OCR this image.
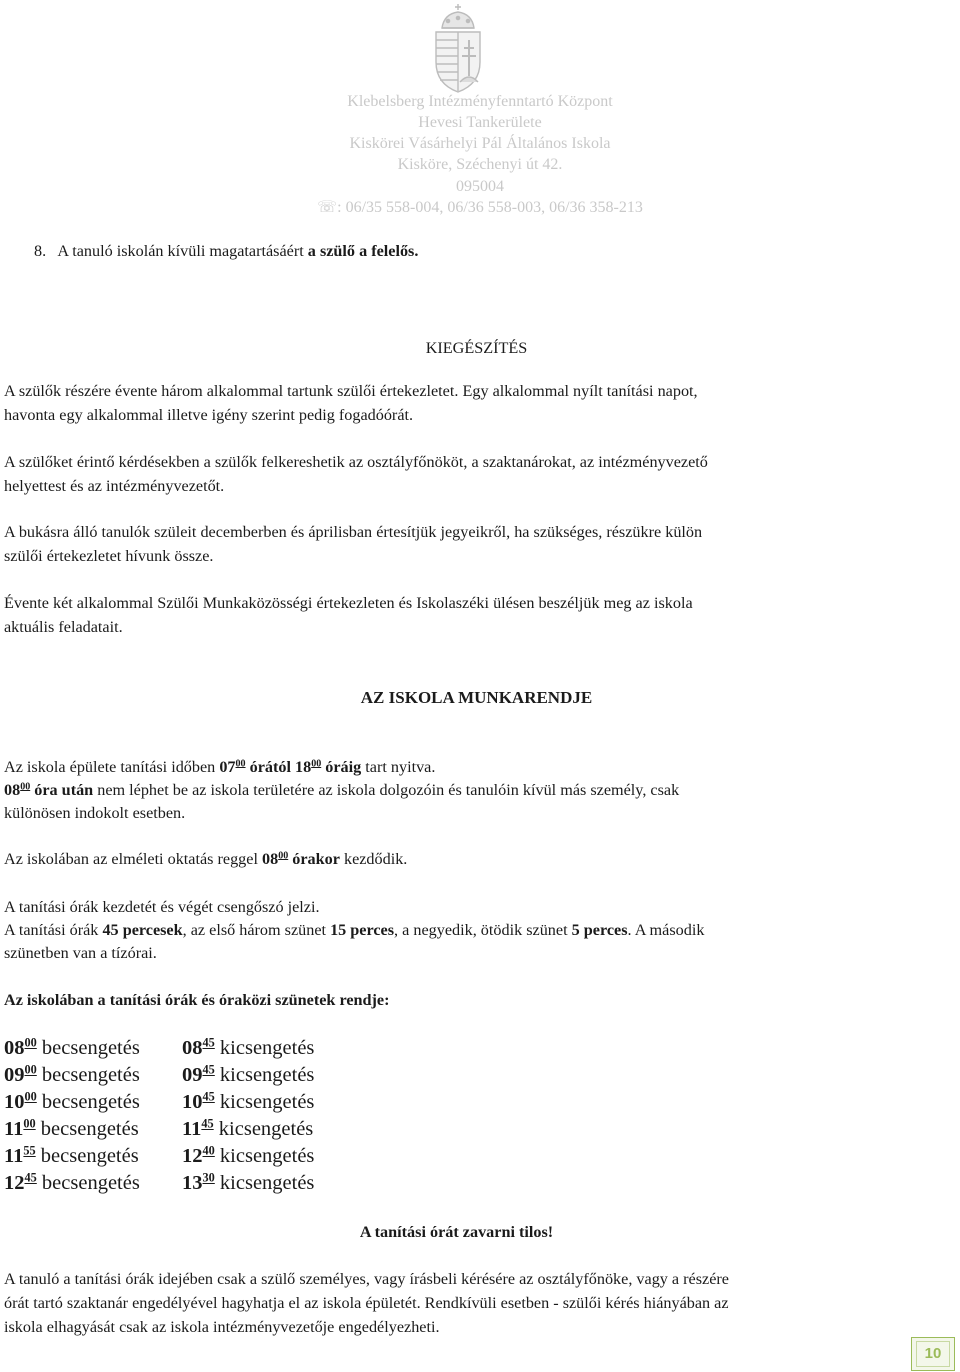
Klebelsberg Intézményfenntartó Központ
Hevesi Tankerülete
Kiskörei Vásárhelyi Pál Általános Iskola
Kisköre, Széchenyi út 42.
095004
☏: 06/35 558-004, 06/36 558-003, 06/36 358-213
8. A tanuló iskolán kívüli magatartásáért a szülő a felelős.
KIEGÉSZÍTÉS
A szülők részére évente három alkalommal tartunk szülői értekezletet. Egy alkalommal nyílt tanítási napot,
havonta egy alkalommal illetve igény szerint pedig fogadóórát.
A szülőket érintő kérdésekben a szülők felkereshetik az osztályfőnököt, a szaktanárokat, az intézményvezető
helyettest és az intézményvezetőt.
A bukásra álló tanulók szüleit decemberben és áprilisban értesítjük jegyeikről, ha szükséges, részükre külön
szülői értekezletet hívunk össze.
Évente két alkalommal Szülői Munkaközösségi értekezleten és Iskolaszéki ülésen beszéljük meg az iskola
aktuális feladatait.
AZ ISKOLA MUNKARENDJE
Az iskola épülete tanítási időben $07^{00}$ órától $18^{00}$ óráig tart nyitva.
$08^{00}$ óra után nem léphet be az iskola területére az iskola dolgozóin és tanulóin kívül más személy, csak
különösen indokolt esetben.
Az iskolában az elméleti oktatás reggel $08^{00}$ órakor kezdődik.
A tanítási órák kezdetét és végét csengőszó jelzi.
A tanítási órák 45 percesek, az első három szünet 15 perces, a negyedik, ötödik szünet 5 perces. A második
szünetben van a tízórai.
Az iskolában a tanítási órák és óraközi szünetek rendje:
$08^{00}$ becsengetés $08^{45}$ kicsengetés
$09^{00}$ becsengetés $09^{45}$ kicsengetés
$10^{00}$ becsengetés $10^{45}$ kicsengetés
$11^{00}$ becsengetés $11^{45}$ kicsengetés
$11^{55}$ becsengetés $12^{40}$ kicsengetés
$12^{45}$ becsengetés $13^{30}$ kicsengetés
A tanítási órát zavarni tilos!
A tanuló a tanítási órák idejében csak a szülő személyes, vagy írásbeli kérésére az osztályfőnöke, vagy a részére
órát tartó szaktanár engedélyével hagyhatja el az iskola épületét. Rendkívüli esetben - szülői kérés hiányában az
iskola elhagyását csak az iskola intézményvezetője engedélyezheti.
10
